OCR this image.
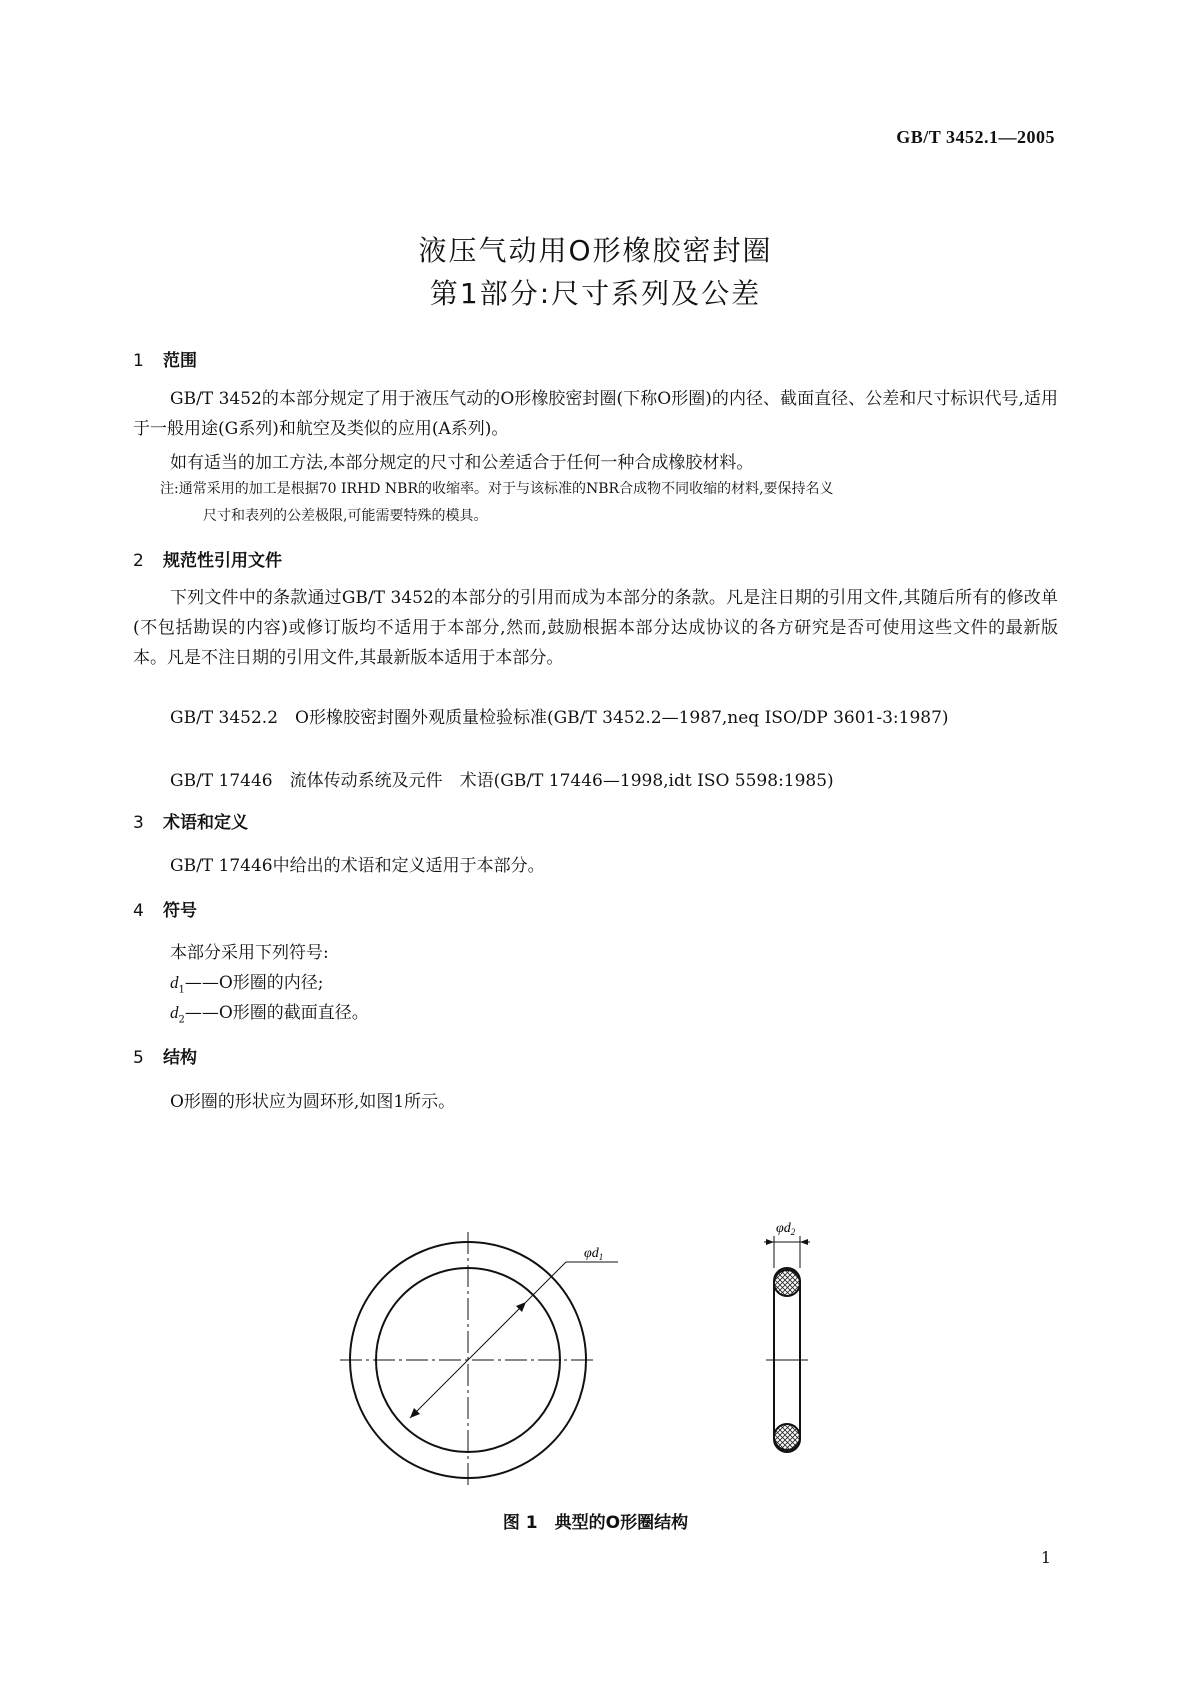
GB/T 3452.1—2005
液压气动用O形橡胶密封圈
第1部分:尺寸系列及公差
1 范围

GB/T 3452的本部分规定了用于液压气动的O形橡胶密封圈(下称O形圈)的内径、截面直径、公差和尺寸标识代号,适用于一般用途(G系列)和航空及类似的应用(A系列)。

如有适当的加工方法,本部分规定的尺寸和公差适合于任何一种合成橡胶材料。
注:通常采用的加工是根据70 IRHD NBR的收缩率。对于与该标准的NBR合成物不同收缩的材料,要保持名义
尺寸和表列的公差极限,可能需要特殊的模具。
2 规范性引用文件

下列文件中的条款通过GB/T 3452的本部分的引用而成为本部分的条款。凡是注日期的引用文件,其随后所有的修改单(不包括勘误的内容)或修订版均不适用于本部分,然而,鼓励根据本部分达成协议的各方研究是否可使用这些文件的最新版本。凡是不注日期的引用文件,其最新版本适用于本部分。

GB/T 3452.2　O形橡胶密封圈外观质量检验标准(GB/T 3452.2—1987,neq ISO/DP 3601-3:1987)

GB/T 17446　流体传动系统及元件　术语(GB/T 17446—1998,idt ISO 5598:1985)
3 术语和定义
GB/T 17446中给出的术语和定义适用于本部分。
4 符号
本部分采用下列符号:
$d_1——O$形圈的内径;
$d_2——O$形圈的截面直径。
5 结构
O形圈的形状应为圆环形,如图1所示。
$\varphi d_1$
$\varphi d_2$
图 1　典型的O形圈结构
1
